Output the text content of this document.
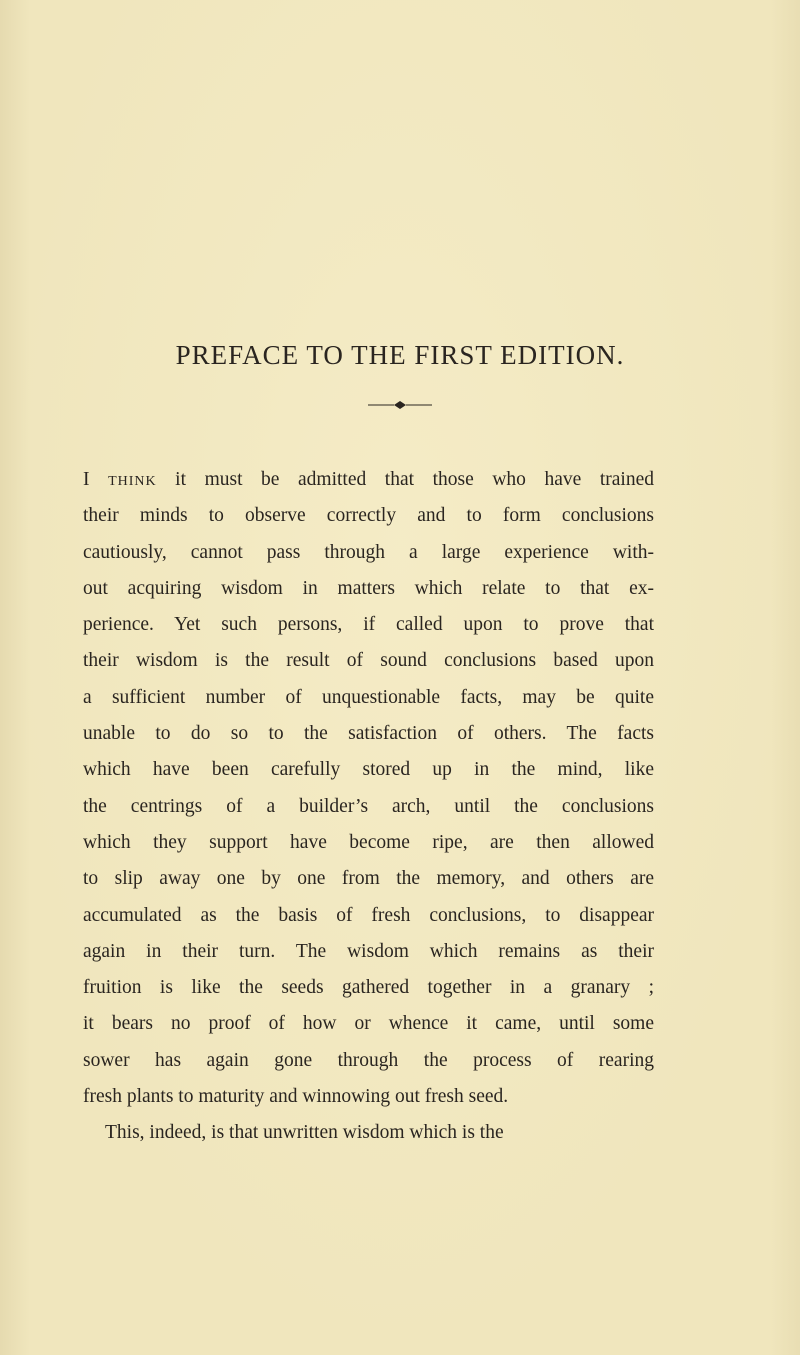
PREFACE TO THE FIRST EDITION.
I think it must be admitted that those who have trained
their minds to observe correctly and to form conclusions
cautiously, cannot pass through a large experience with-
out acquiring wisdom in matters which relate to that ex-
perience. Yet such persons, if called upon to prove that
their wisdom is the result of sound conclusions based upon
a sufficient number of unquestionable facts, may be quite
unable to do so to the satisfaction of others. The facts
which have been carefully stored up in the mind, like
the centrings of a builder’s arch, until the conclusions
which they support have become ripe, are then allowed
to slip away one by one from the memory, and others are
accumulated as the basis of fresh conclusions, to disappear
again in their turn. The wisdom which remains as their
fruition is like the seeds gathered together in a granary ;
it bears no proof of how or whence it came, until some
sower has again gone through the process of rearing
fresh plants to maturity and winnowing out fresh seed.
This, indeed, is that unwritten wisdom which is the
